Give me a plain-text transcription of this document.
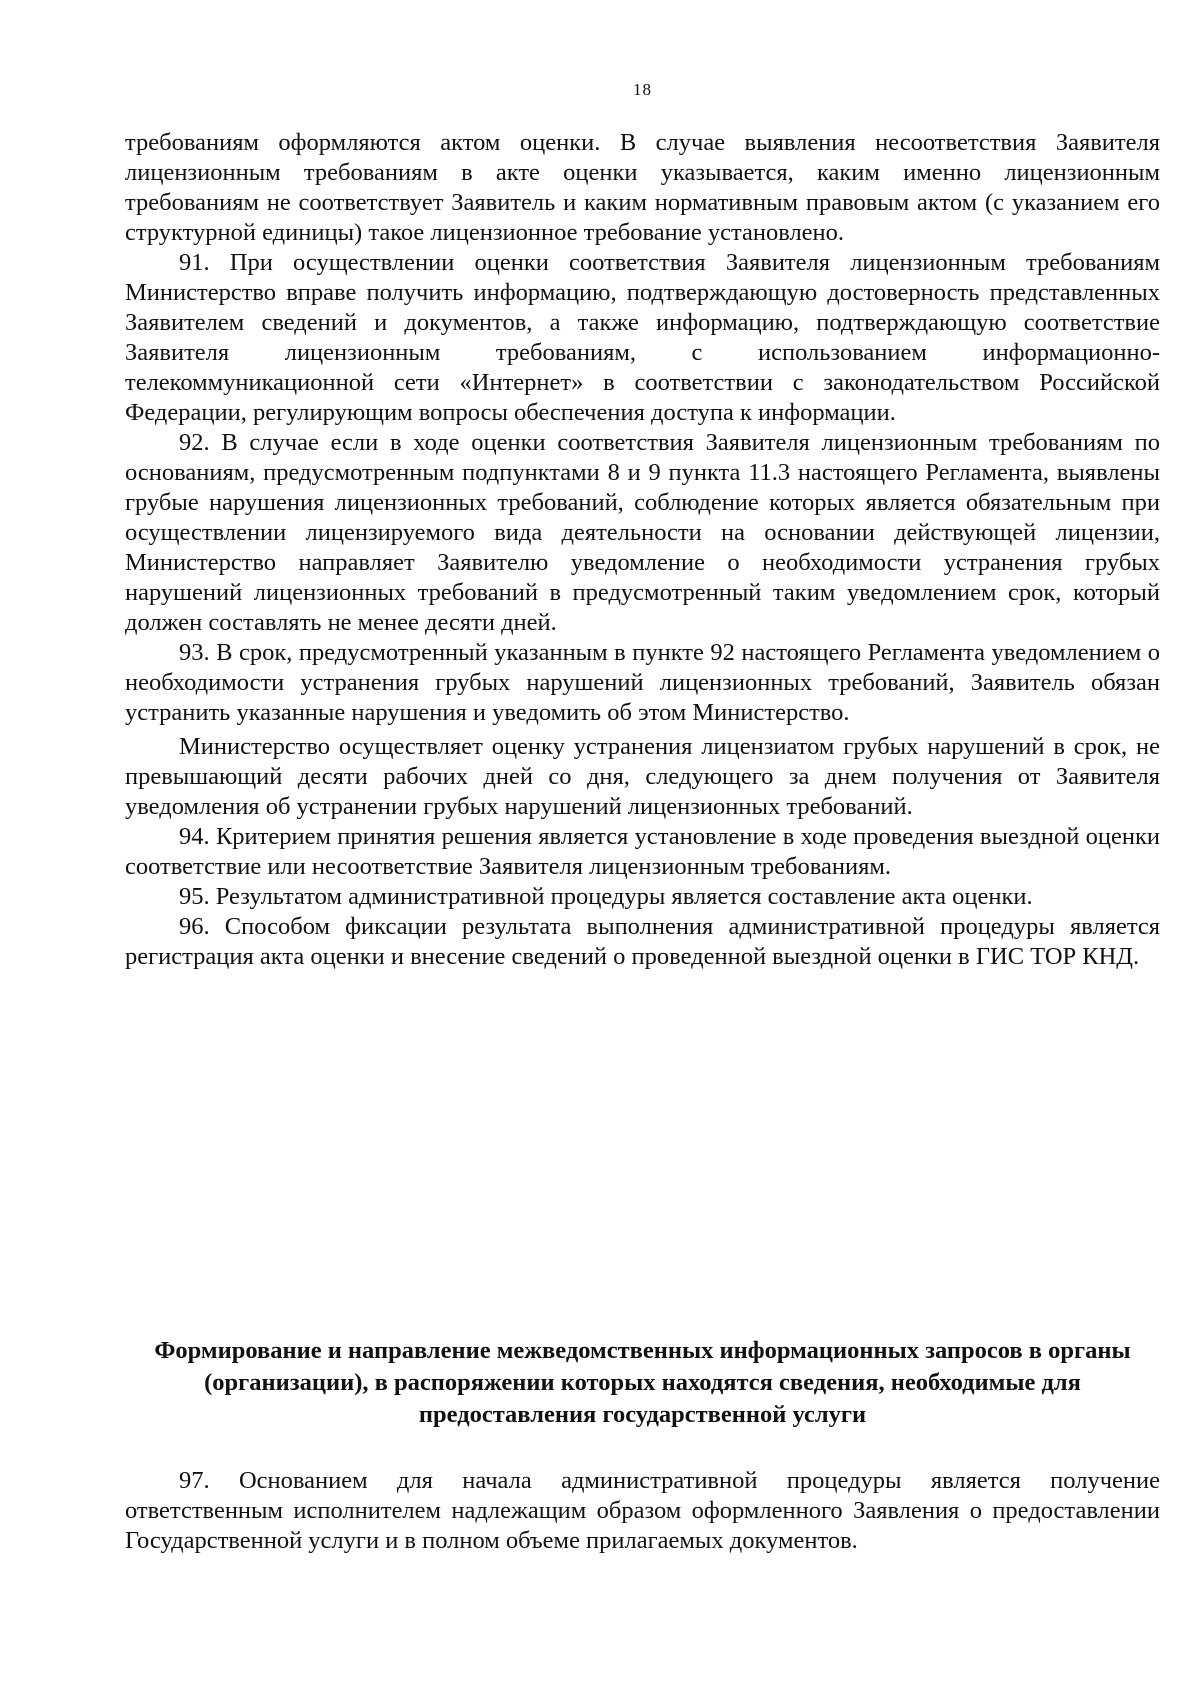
18

требованиям оформляются актом оценки. В случае выявления несоответствия Заявителя лицензионным требованиям в акте оценки указывается, каким именно лицензионным требованиям не соответствует Заявитель и каким нормативным правовым актом (с указанием его структурной единицы) такое лицензионное требование установлено.

91. При осуществлении оценки соответствия Заявителя лицензионным требованиям Министерство вправе получить информацию, подтверждающую достоверность представленных Заявителем сведений и документов, а также информацию, подтверждающую соответствие Заявителя лицензионным требованиям, с использованием информационно-телекоммуникационной сети «Интернет» в соответствии с законодательством Российской Федерации, регулирующим вопросы обеспечения доступа к информации.

92. В случае если в ходе оценки соответствия Заявителя лицензионным требованиям по основаниям, предусмотренным подпунктами 8 и 9 пункта 11.3 настоящего Регламента, выявлены грубые нарушения лицензионных требований, соблюдение которых является обязательным при осуществлении лицензируемого вида деятельности на основании действующей лицензии, Министерство направляет Заявителю уведомление о необходимости устранения грубых нарушений лицензионных требований в предусмотренный таким уведомлением срок, который должен составлять не менее десяти дней.

93. В срок, предусмотренный указанным в пункте 92 настоящего Регламента уведомлением о необходимости устранения грубых нарушений лицензионных требований, Заявитель обязан устранить указанные нарушения и уведомить об этом Министерство.

Министерство осуществляет оценку устранения лицензиатом грубых нарушений в срок, не превышающий десяти рабочих дней со дня, следующего за днем получения от Заявителя уведомления об устранении грубых нарушений лицензионных требований.

94. Критерием принятия решения является установление в ходе проведения выездной оценки соответствие или несоответствие Заявителя лицензионным требованиям.

95. Результатом административной процедуры является составление акта оценки.

96. Способом фиксации результата выполнения административной процедуры является регистрация акта оценки и внесение сведений о проведенной выездной оценки в ГИС ТОР КНД.

Формирование и направление межведомственных информационных запросов в органы (организации), в распоряжении которых находятся сведения, необходимые для предоставления государственной услуги

97. Основанием для начала административной процедуры является получение ответственным исполнителем надлежащим образом оформленного Заявления о предоставлении Государственной услуги и в полном объеме прилагаемых документов.
